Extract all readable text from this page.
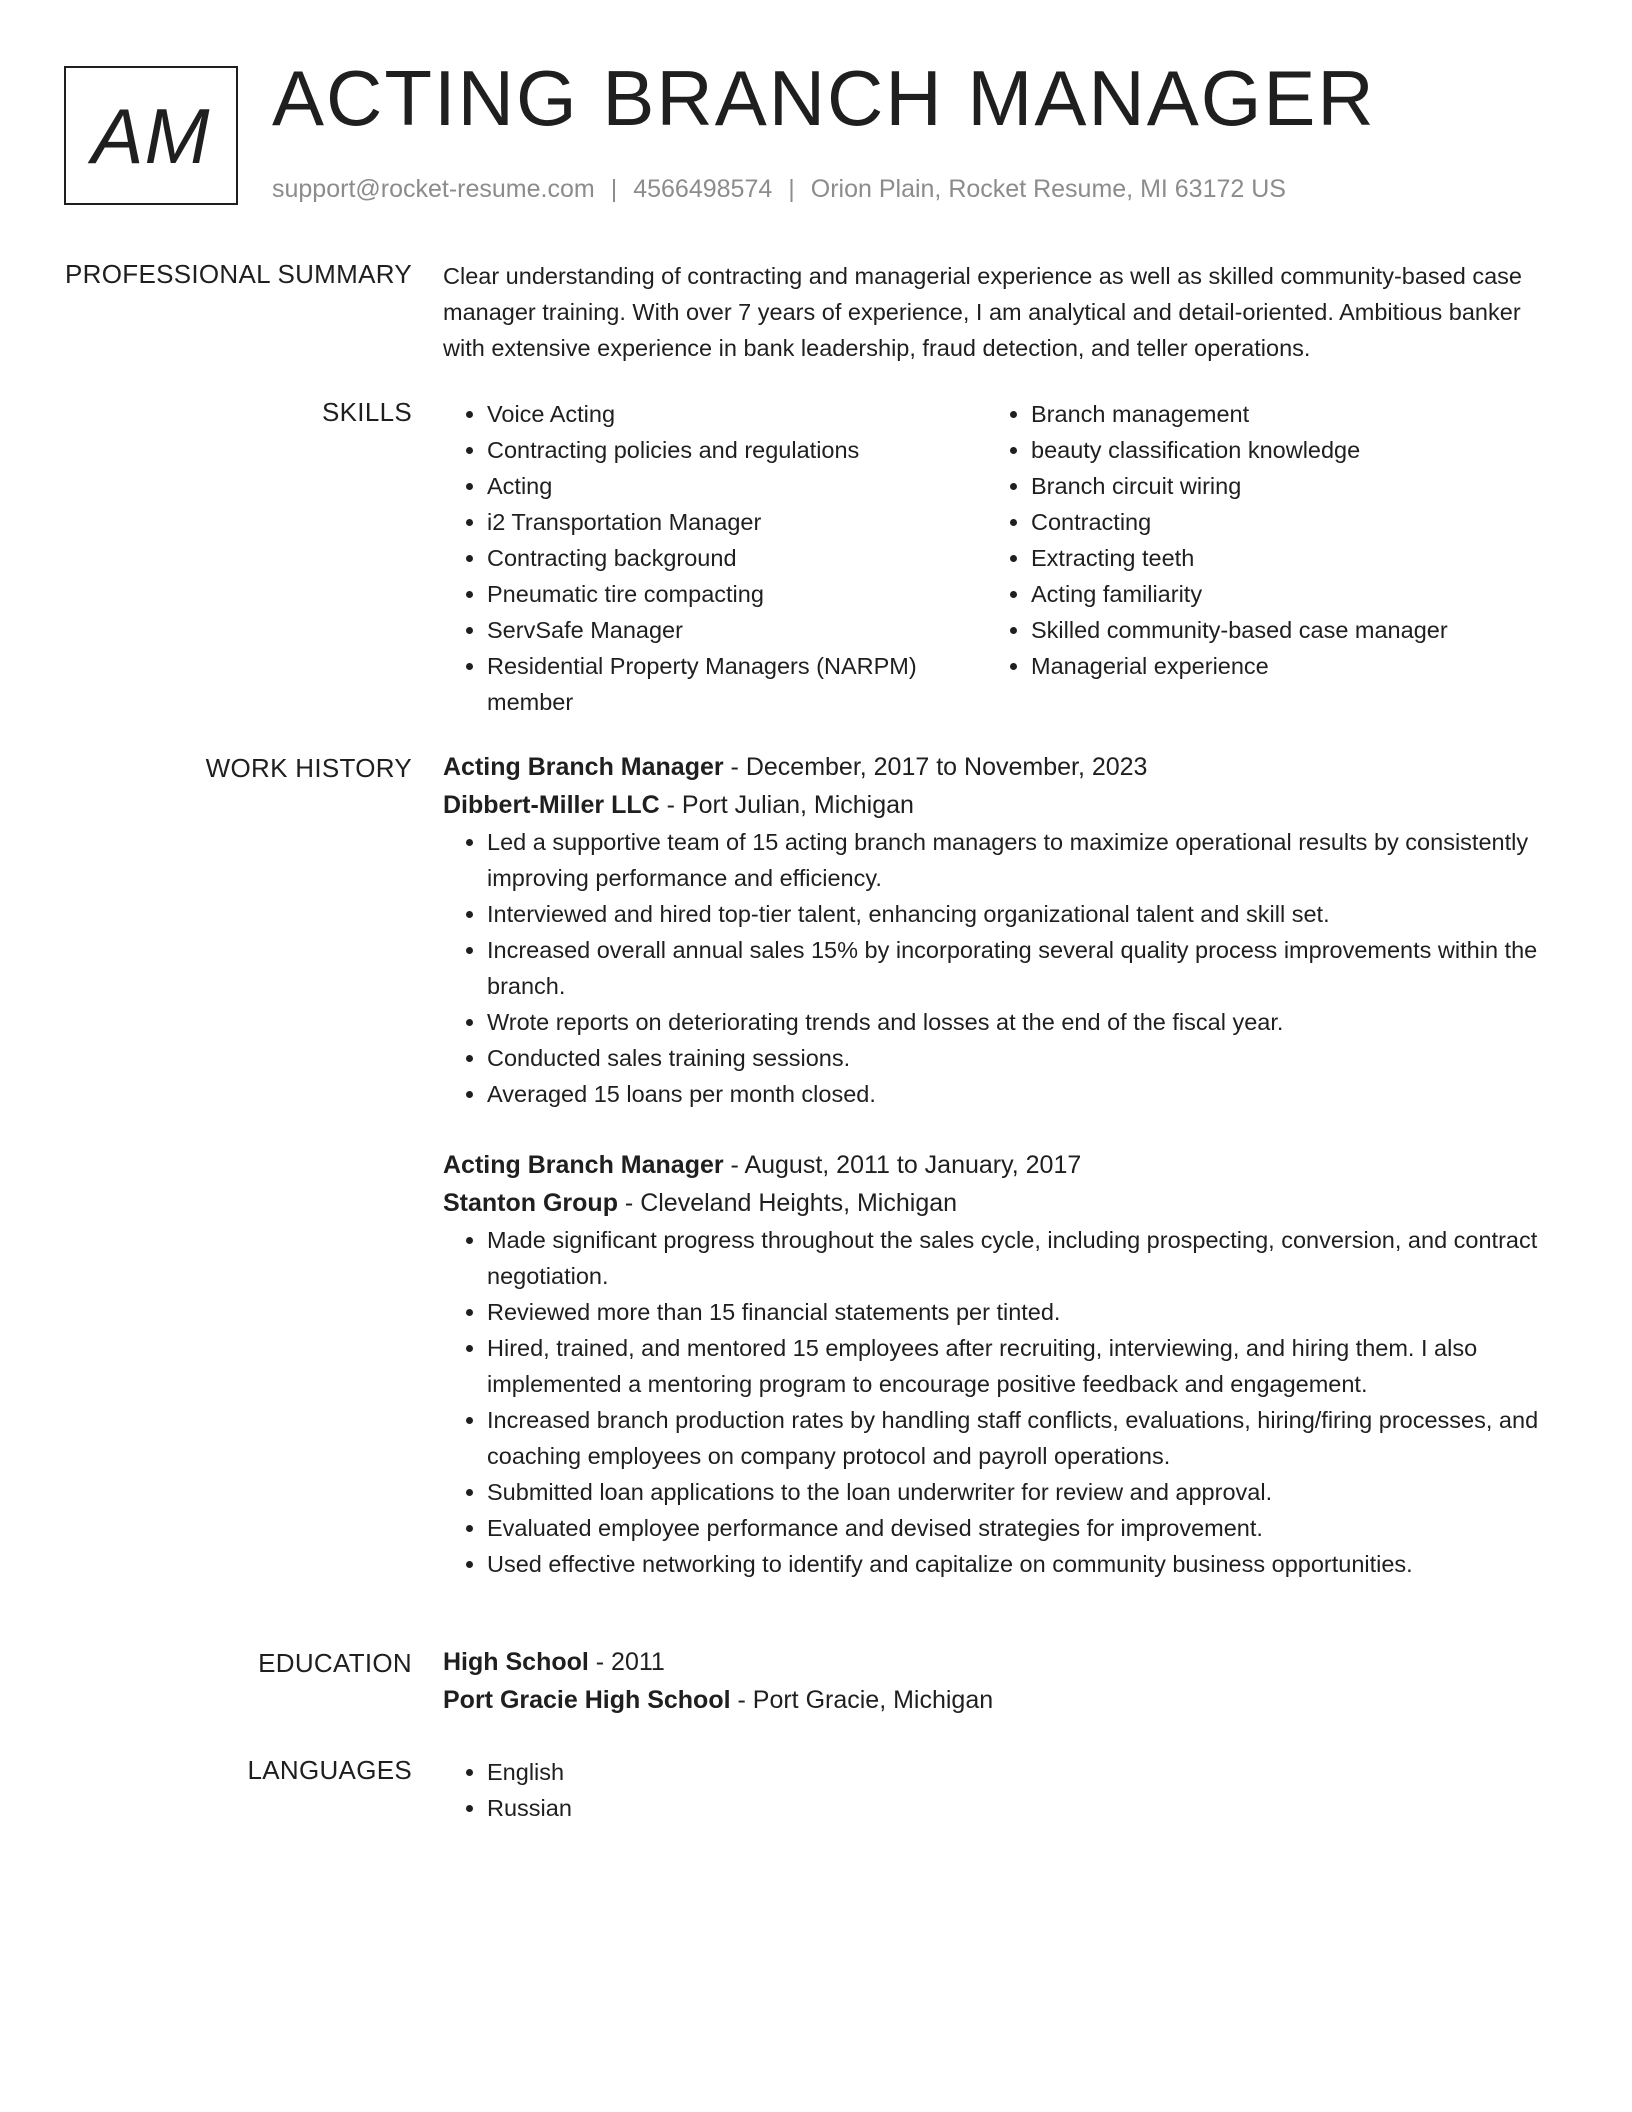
AM ACTING BRANCH MANAGER
support@rocket-resume.com | 4566498574 | Orion Plain, Rocket Resume, MI 63172 US
PROFESSIONAL SUMMARY Clear understanding of contracting and managerial experience as well as skilled community-based case manager training. With over 7 years of experience, I am analytical and detail-oriented. Ambitious banker with extensive experience in bank leadership, fraud detection, and teller operations.

SKILLS	• Voice Acting
• Contracting policies and regulations
• Acting
• i2 Transportation Manager
• Contracting background
• Pneumatic tire compacting
• ServSafe Manager
• Residential Property Managers (NARPM) member
• Branch management
• beauty classification knowledge
• Branch circuit wiring
• Contracting
• Extracting teeth
• Acting familiarity
• Skilled community-based case manager
• Managerial experience
WORK HISTORY Acting Branch Manager - December, 2017 to November, 2023
Dibbert-Miller LLC - Port Julian, Michigan
• Led a supportive team of 15 acting branch managers to maximize operational results by consistently improving performance and efficiency.
• Interviewed and hired top-tier talent, enhancing organizational talent and skill set.
• Increased overall annual sales 15% by incorporating several quality process improvements within the branch.
• Wrote reports on deteriorating trends and losses at the end of the fiscal year.
• Conducted sales training sessions.
• Averaged 15 loans per month closed.
Acting Branch Manager - August, 2011 to January, 2017
Stanton Group - Cleveland Heights, Michigan
• Made significant progress throughout the sales cycle, including prospecting, conversion, and contract negotiation.
• Reviewed more than 15 financial statements per tinted.
• Hired, trained, and mentored 15 employees after recruiting, interviewing, and hiring them. I also implemented a mentoring program to encourage positive feedback and engagement.
• Increased branch production rates by handling staff conflicts, evaluations, hiring/firing processes, and coaching employees on company protocol and payroll operations.
• Submitted loan applications to the loan underwriter for review and approval.
• Evaluated employee performance and devised strategies for improvement.
• Used effective networking to identify and capitalize on community business opportunities.
EDUCATION High School - 2011
Port Gracie High School - Port Gracie, Michigan
LANGUAGES	• English
• Russian
